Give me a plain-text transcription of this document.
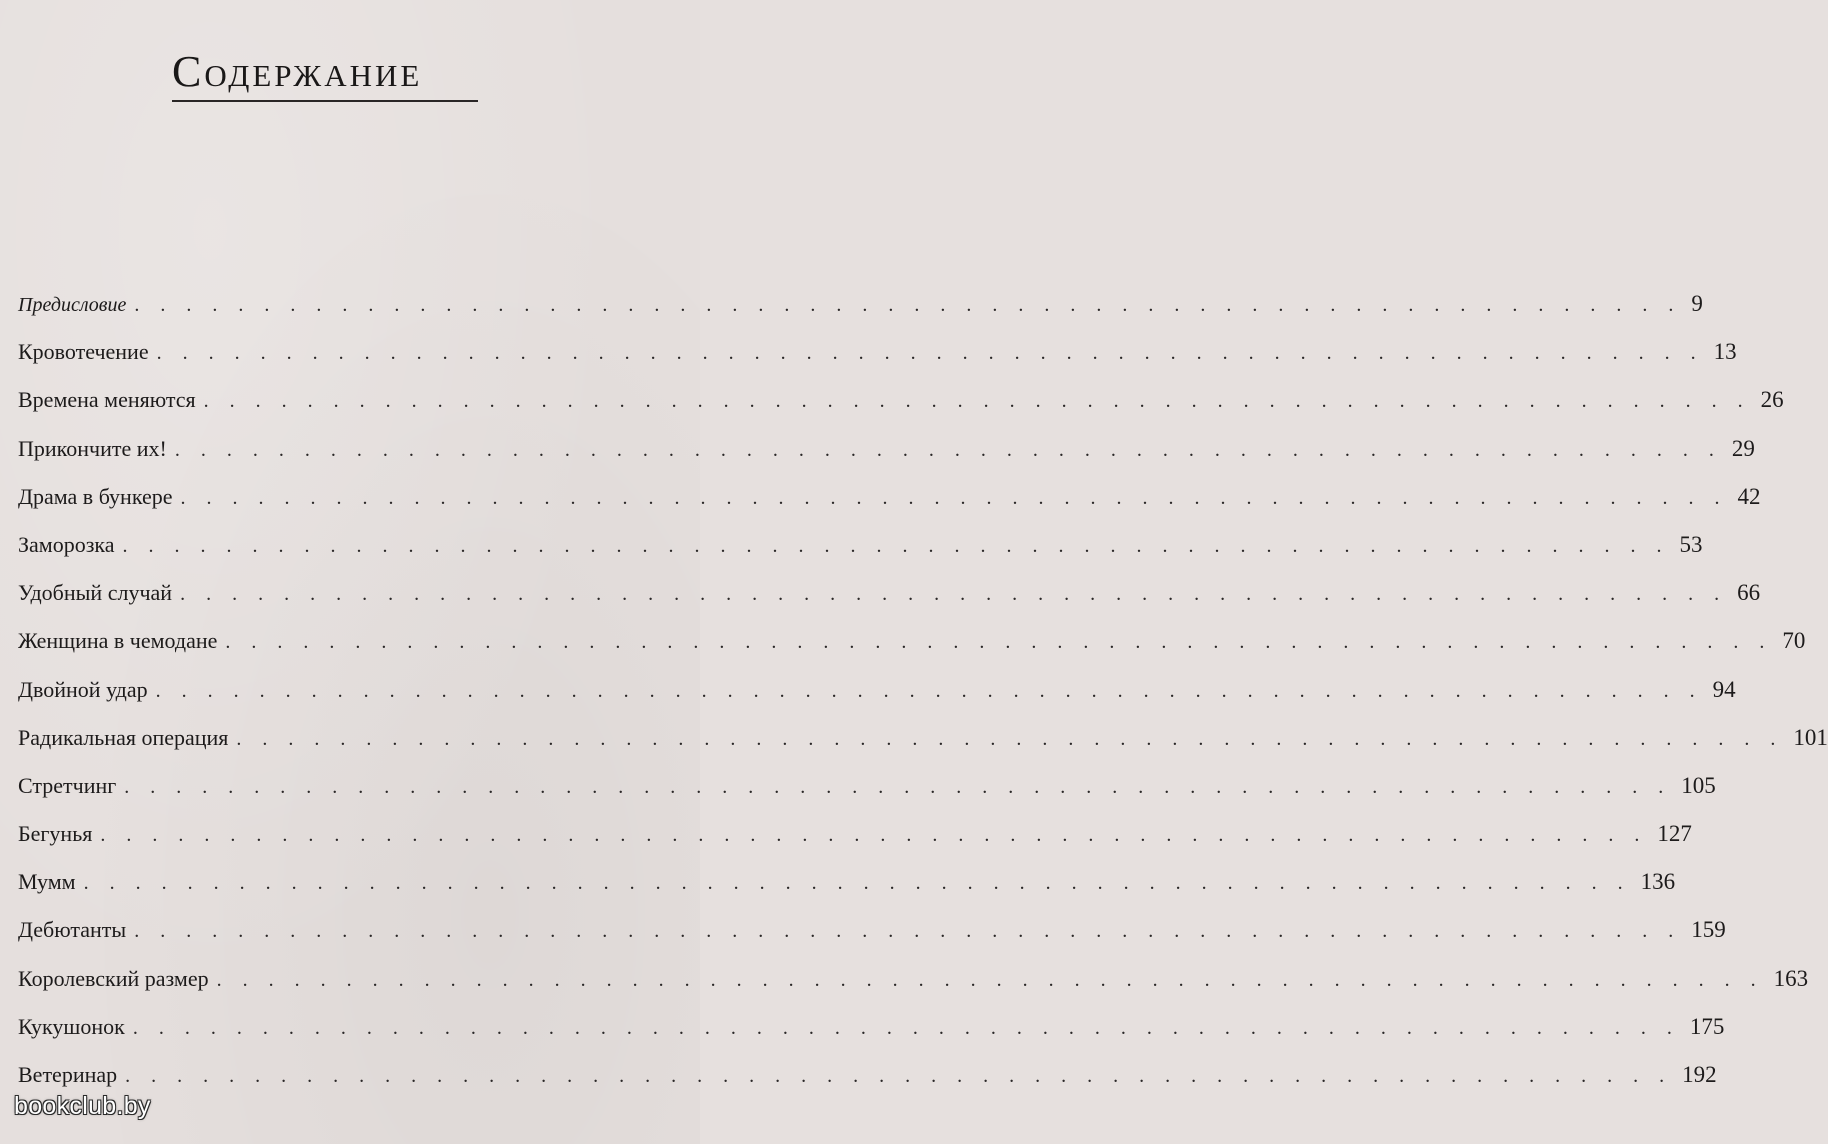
Содержание
Предисловие . . . . . . . . . . . . . . . . . . . . . . . . . . . . . . . . . . . . . . . . . . . . . . . . . . . . . . . . . . . . 9
Кровотечение . . . . . . . . . . . . . . . . . . . . . . . . . . . . . . . . . . . . . . . . . . . . . . . . . . . . . . . . . . . . 13
Времена меняются . . . . . . . . . . . . . . . . . . . . . . . . . . . . . . . . . . . . . . . . . . . . . . . . . . . . . . . . . . . . 26
Прикончите их! . . . . . . . . . . . . . . . . . . . . . . . . . . . . . . . . . . . . . . . . . . . . . . . . . . . . . . . . . . . . 29
Драма в бункере . . . . . . . . . . . . . . . . . . . . . . . . . . . . . . . . . . . . . . . . . . . . . . . . . . . . . . . . . . . . 42
Заморозка . . . . . . . . . . . . . . . . . . . . . . . . . . . . . . . . . . . . . . . . . . . . . . . . . . . . . . . . . . . . 53
Удобный случай . . . . . . . . . . . . . . . . . . . . . . . . . . . . . . . . . . . . . . . . . . . . . . . . . . . . . . . . . . . . 66
Женщина в чемодане . . . . . . . . . . . . . . . . . . . . . . . . . . . . . . . . . . . . . . . . . . . . . . . . . . . . . . . . . . . . 70
Двойной удар . . . . . . . . . . . . . . . . . . . . . . . . . . . . . . . . . . . . . . . . . . . . . . . . . . . . . . . . . . . . 94
Радикальная операция . . . . . . . . . . . . . . . . . . . . . . . . . . . . . . . . . . . . . . . . . . . . . . . . . . . . . . . . . . . . 101
Стретчинг . . . . . . . . . . . . . . . . . . . . . . . . . . . . . . . . . . . . . . . . . . . . . . . . . . . . . . . . . . . . 105
Бегунья . . . . . . . . . . . . . . . . . . . . . . . . . . . . . . . . . . . . . . . . . . . . . . . . . . . . . . . . . . . . 127
Мумм . . . . . . . . . . . . . . . . . . . . . . . . . . . . . . . . . . . . . . . . . . . . . . . . . . . . . . . . . . . . 136
Дебютанты . . . . . . . . . . . . . . . . . . . . . . . . . . . . . . . . . . . . . . . . . . . . . . . . . . . . . . . . . . . . 159
Королевский размер . . . . . . . . . . . . . . . . . . . . . . . . . . . . . . . . . . . . . . . . . . . . . . . . . . . . . . . . . . . . 163
Кукушонок . . . . . . . . . . . . . . . . . . . . . . . . . . . . . . . . . . . . . . . . . . . . . . . . . . . . . . . . . . . . 175
Ветеринар . . . . . . . . . . . . . . . . . . . . . . . . . . . . . . . . . . . . . . . . . . . . . . . . . . . . . . . . . . . . 192
bookclub.by
